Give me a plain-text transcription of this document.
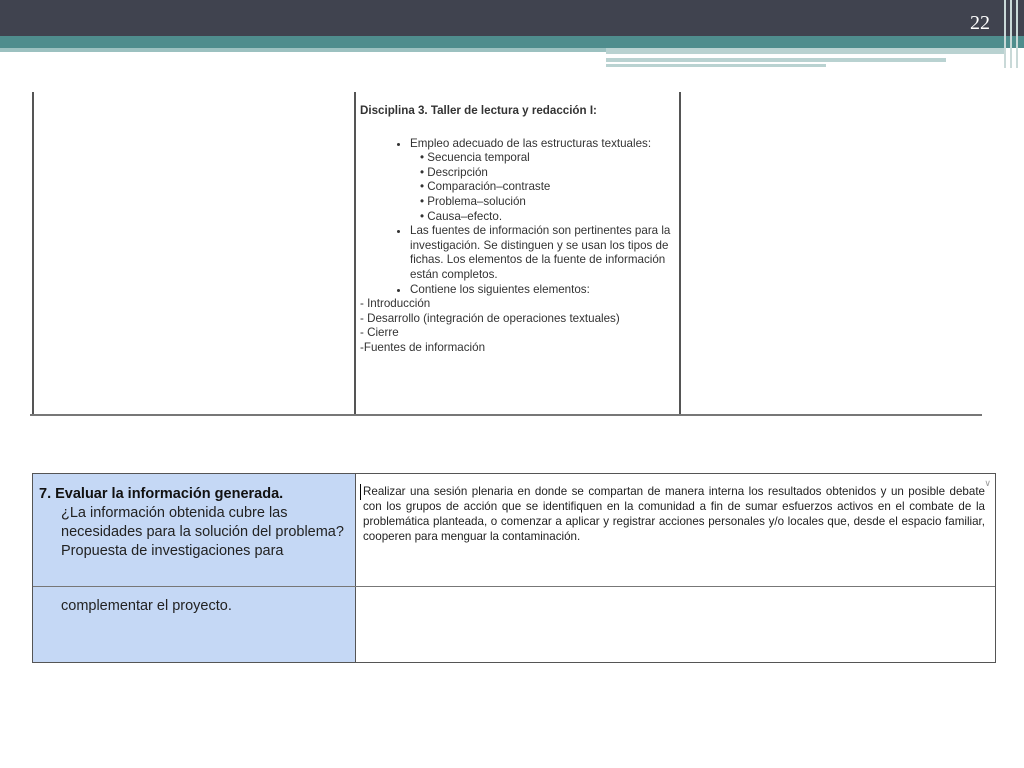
22
Disciplina 3. Taller de lectura y redacción I:
• Empleo adecuado de las estructuras textuales:
• Secuencia temporal
• Descripción
• Comparación–contraste
• Problema–solución
• Causa–efecto.
• Las fuentes de información son pertinentes para la investigación. Se distinguen y se usan los tipos de fichas. Los elementos de la fuente de información están completos.
• Contiene los siguientes elementos:

- Introducción

- Desarrollo (integración de operaciones textuales)

- Cierre

-Fuentes de información

7. Evaluar la información generada.
¿La información obtenida cubre las necesidades para la solución del problema? Propuesta de investigaciones para
complementar el proyecto.
Realizar una sesión plenaria en donde se compartan de manera interna los resultados obtenidos y un posible debate con los grupos de acción que se identifiquen en la comunidad a fin de sumar esfuerzos activos en el combate de la problemática planteada, o comenzar a aplicar y registrar acciones personales y/o locales que, desde el espacio familiar, cooperen para menguar la contaminación.
∨
